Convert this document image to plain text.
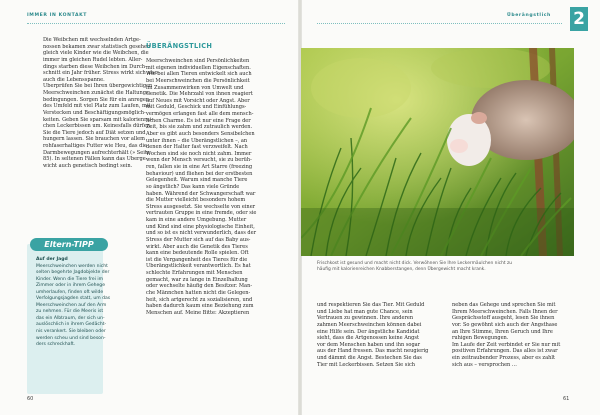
IMMER IN KONTAKT	Überängstlich 2
Die Weibchen mit wechselnden Artge-
nossen bekamen zwar statistisch gesehen
gleich viele Kinder wie die Weibchen, die
immer im gleichen Rudel lebten. Aller-
dings starben diese Weibchen im Durch-
schnitt ein Jahr früher. Stress wirkt sich also
auch die Lebensspanne.
Überprüfen Sie bei Ihren übergewichtigen
Meerschweinchen zunächst die Haltungs-
bedingungen. Sorgen Sie für ein anregen-
des Umfeld mit viel Platz zum Laufen, mit
Verstecken und Beschäftigungsmöglich-
keiten. Geben Sie sparsam mit kalorienrei-
chen Leckerbissen um. Keinesfalls dürfen
Sie die Tiere jedoch auf Diät setzen und
hungern lassen. Sie brauchen vor allem
rohfaserhaltiges Futter wie Heu, das die
Darmbewegungen aufrechterhält (» Seite
85). In seltenen Fällen kann das Überge-
wicht auch genetisch bedingt sein.
Eltern-TIPP
Auf der Jagd
Meerschweinchen werden nicht
selten begehrte Jagdobjekte der
Kinder. Wenn die Tiere frei im
Zimmer oder in ihrem Gehege
umherlaufen, finden oft wilde
Verfolgungsjagden statt, um das
Meerschweinchen auf den Arm
zu nehmen. Für die Meeris ist
das ein Albtraum, der sich un-
auslöschlich in ihrem Gedächt-
nis verankert. Sie bleiben oder
werden scheu und sind beson-
ders schreckhaft.
ÜBERÄNGSTLICH
Meerschweinchen sind Persönlichkeiten
mit eigenen individuellen Eigenschaften.
Wie bei allen Tieren entwickelt sich auch
bei Meerschweinchen die Persönlichkeit
im Zusammenwirken von Umwelt und
Genetik. Die Mehrzahl von ihnen reagiert
auf Neues mit Vorsicht oder Angst. Aber
mit Geduld, Geschick und Einfühlungs-
vermögen erlangen fast alle dem mensch-
lichen Charme. Es ist nur eine Frage der
Zeit, bis sie zahm und zutraulich werden.
Aber es gibt auch besonders Sensibelchen
unter ihnen – die Überängstlichen –, an
denen der Halter fast verzweifelt. Nach
Wochen sind sie noch nicht zahm. Immer
wenn der Mensch versucht, sie zu berüh-
ren, fallen sie in eine Art Starre (freezing
behaviour) und fliehen bei der erstbesten
Gelegenheit. Warum sind manche Tiere
so ängstlich? Das kann viele Gründe
haben. Während der Schwangerschaft war
die Mutter vielleicht besonders hohem
Stress ausgesetzt. Sie wechselte von einer
vertrauten Gruppe in eine fremde, oder sie
kam in eine andere Umgebung. Mutter
und Kind sind eine physiologische Einheit,
und so ist es nicht verwunderlich, dass der
Stress der Mutter sich auf das Baby aus-
wirkt. Aber auch die Genetik des Tieres
kann eine bedeutende Rolle spielen. Oft
ist die Vergangenheit des Tieres für die
Überängstlichkeit verantwortlich. Es hat
schlechte Erfahrungen mit Menschen
gemacht, war zu lange in Einzelhaltung
oder wechselte häufig den Besitzer. Man-
che Männchen hatten nicht die Gelegen-
heit, sich artgerecht zu sozialisieren, und
haben dadurch kaum eine Beziehung zum
Menschen auf. Meine Bitte: Akzeptieren
Frischkost ist gesund und macht nicht dick. Verwöhnen Sie Ihre Leckermäulchen nicht zu
häufig mit kalorienreichen Knabberstangen, denn Übergewicht macht krank.
und respektieren Sie das Tier. Mit Geduld
und Liebe hat man gute Chance, sein
Vertrauen zu gewinnen. Ihre anderen
zahmen Meerschweinchen können dabei
eine Hilfe sein. Der ängstliche Kandidat
sieht, dass die Artgenossen keine Angst
vor dem Menschen haben und ihn sogar
aus der Hand fressen. Das macht neugierig
und dämmt die Angst. Bestechen Sie das
Tier mit Leckerbissen. Setzen Sie sich
neben das Gehege und sprechen Sie mit
Ihrem Meerschweinchen. Falls Ihnen der
Gesprächsstoff ausgeht, lesen Sie ihnen
vor. So gewöhnt sich auch der Angsthase
an Ihre Stimme, Ihren Geruch und Ihre
ruhigen Bewegungen.
Im Laufe der Zeit verbindet er Sie nur mit
positiven Erfahrungen. Das alles ist zwar
ein zeitraubender Prozess, aber es zahlt
sich aus – versprochen …
60	61
